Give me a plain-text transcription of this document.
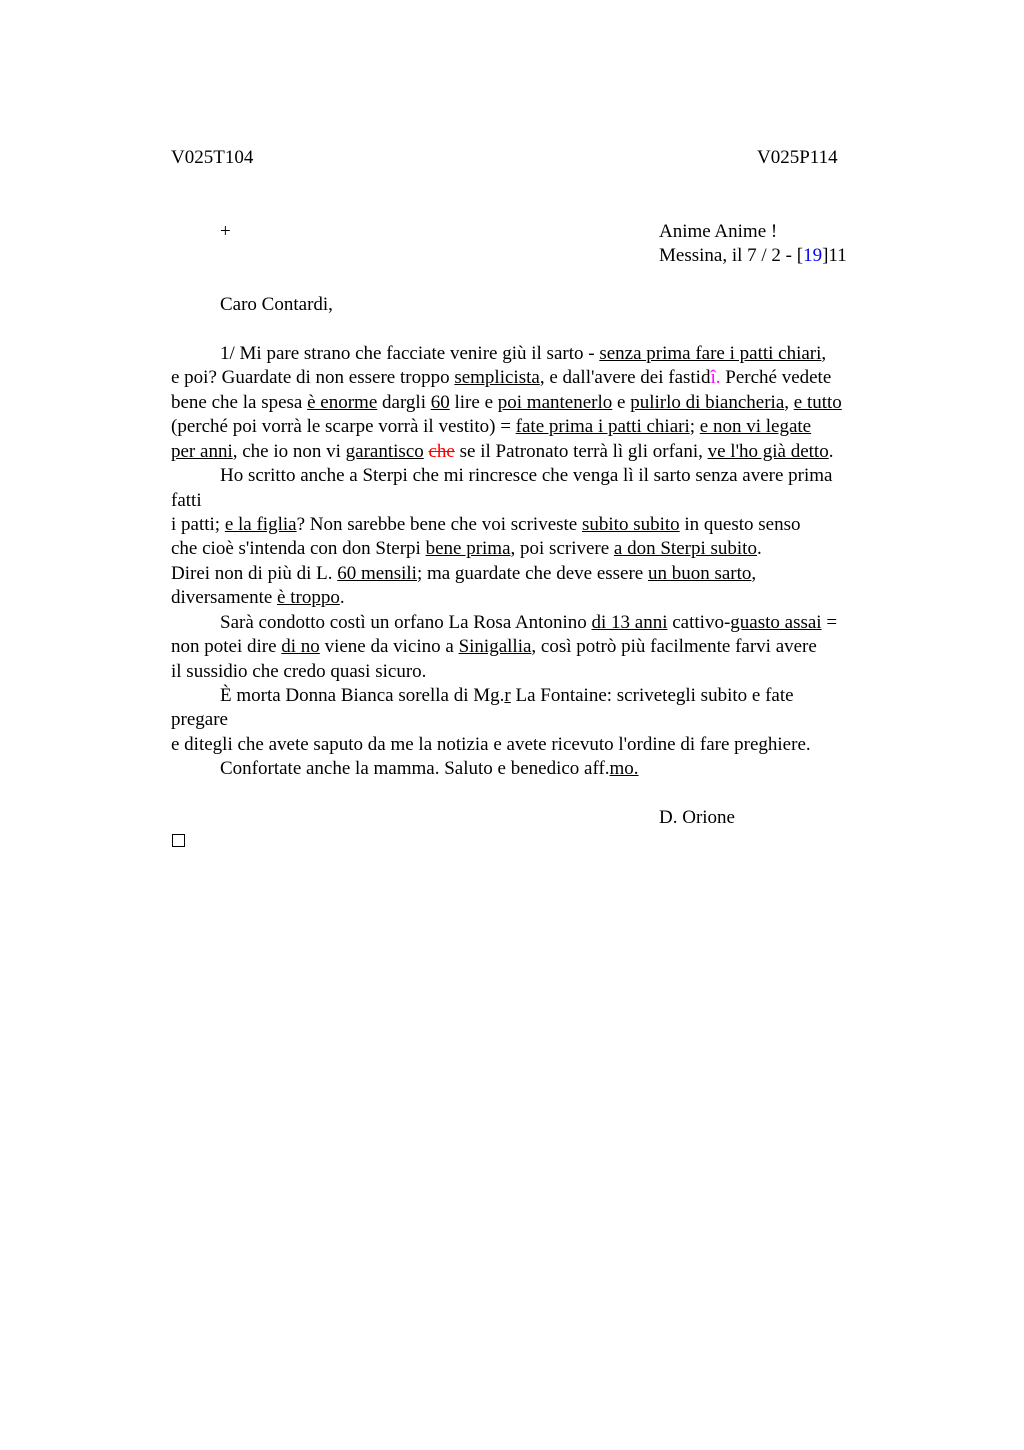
V025T104	V025P114
+	Anime Anime !
Messina, il 7 / 2 - [19]11
Caro Contardi,
1/ Mi pare strano che facciate venire giù il sarto - senza prima fare i patti chiari,
e poi? Guardate di non essere troppo semplicista, e dall'avere dei fastidî. Perché vedete
bene che la spesa è enorme dargli 60 lire e poi mantenerlo e pulirlo di biancheria, e tutto
(perché poi vorrà le scarpe vorrà il vestito) = fate prima i patti chiari; e non vi legate
per anni, che io non vi garantisco che se il Patronato terrà lì gli orfani, ve l'ho già detto.
Ho scritto anche a Sterpi che mi rincresce che venga lì il sarto senza avere prima
fatti
i patti; e la figlia? Non sarebbe bene che voi scriveste subito subito in questo senso
che cioè s'intenda con don Sterpi bene prima, poi scrivere a don Sterpi subito.
Direi non di più di L. 60 mensili; ma guardate che deve essere un buon sarto,
diversamente è troppo.
Sarà condotto costì un orfano La Rosa Antonino di 13 anni cattivo-guasto assai =
non potei dire di no viene da vicino a Sinigallia, così potrò più facilmente farvi avere
il sussidio che credo quasi sicuro.
È morta Donna Bianca sorella di Mg.r La Fontaine: scrivetegli subito e fate
pregare
e ditegli che avete saputo da me la notizia e avete ricevuto l'ordine di fare preghiere.
Confortate anche la mamma. Saluto e benedico aff.mo.
D. Orione
